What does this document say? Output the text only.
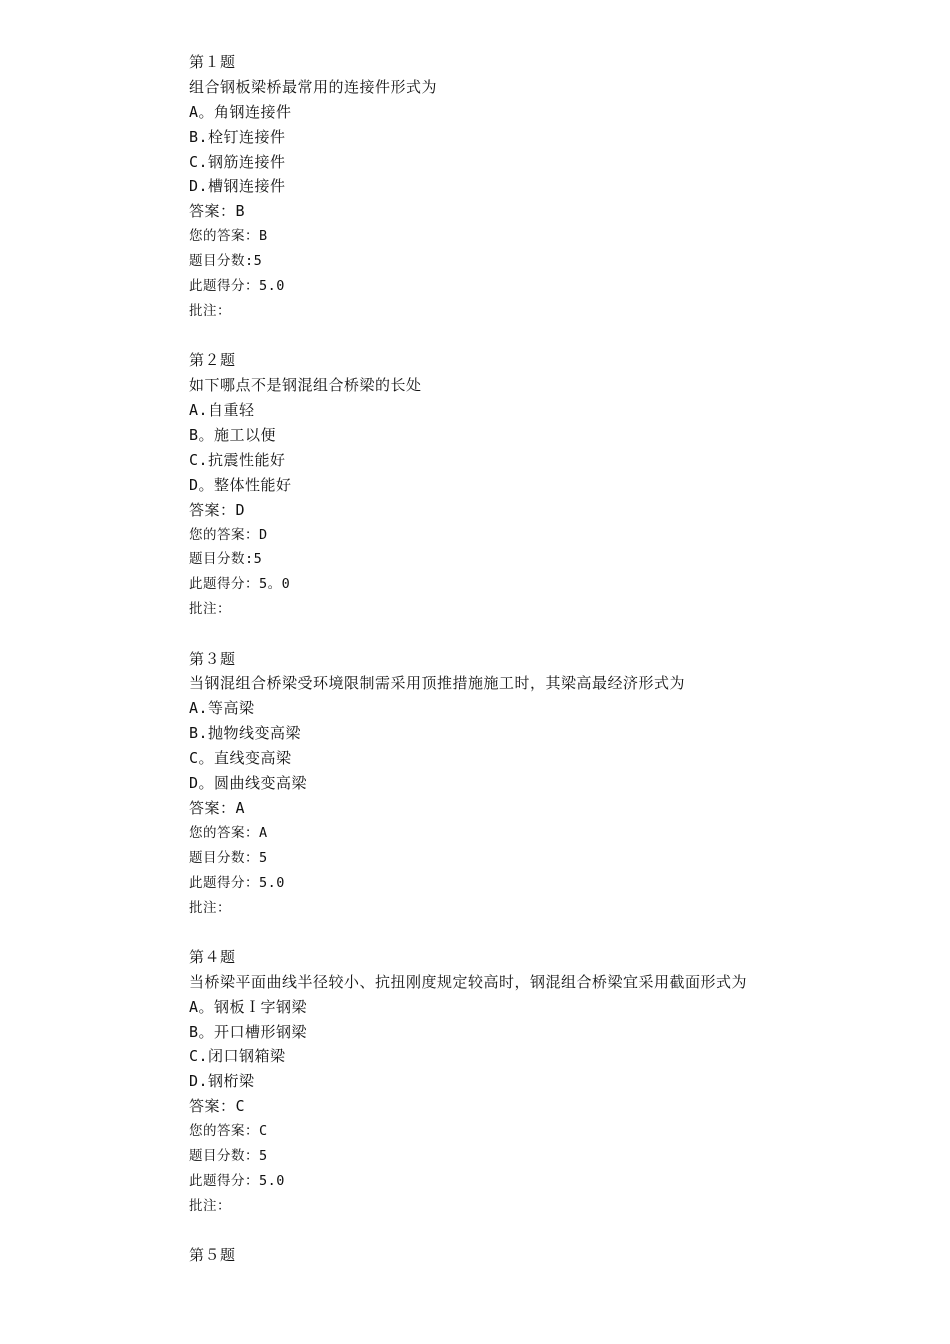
第１题
组合钢板梁桥最常用的连接件形式为
A。角钢连接件
B.栓钉连接件
C.钢筋连接件
D.槽钢连接件
答案：B
您的答案：B
题目分数:5
此题得分：5.0
批注：
第２题
如下哪点不是钢混组合桥梁的长处
A.自重轻
B。施工以便
C.抗震性能好
D。整体性能好
答案：D
您的答案：D
题目分数:5
此题得分：5。0
批注：
第３题
当钢混组合桥梁受环境限制需采用顶推措施施工时，其梁高最经济形式为
A.等高梁
B.抛物线变高梁
C。直线变高梁
D。圆曲线变高梁
答案：A
您的答案：A
题目分数：5
此题得分：5.0
批注：
第４题
当桥梁平面曲线半径较小、抗扭刚度规定较高时，钢混组合桥梁宜采用截面形式为
A。钢板Ｉ字钢梁
B。开口槽形钢梁
C.闭口钢箱梁
D.钢桁梁
答案：C
您的答案：C
题目分数：5
此题得分：5.0
批注：
第５题
